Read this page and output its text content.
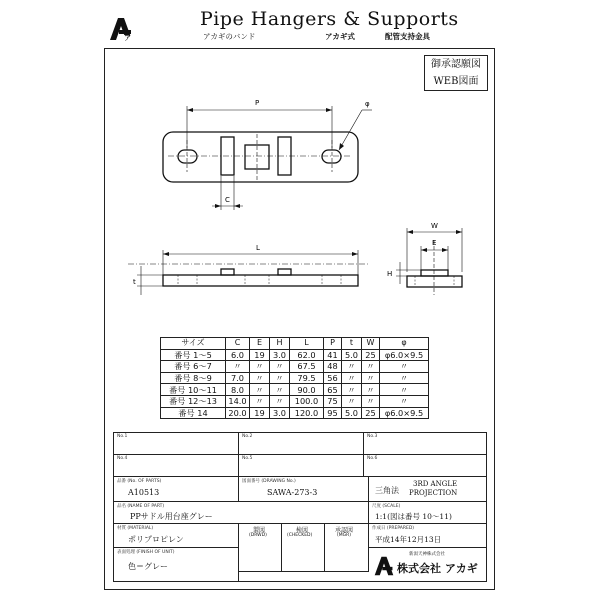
ア
Pipe Hangers & Supports
アカギのバンド	アカギ式	配管支持金具
御承認願図
WEB図面
P	φ
C
L
t
W
E
H
サイズ	C	E	H	L	P	t	W	φ
番号 1〜5	6.0	19	3.0	62.0	41	5.0	25	φ6.0×9.5
番号 6〜7	〃	〃	〃	67.5	48	〃	〃	〃
番号 8〜9	7.0	〃	〃	79.5	56	〃	〃	〃
番号 10〜11	8.0	〃	〃	90.0	65	〃	〃	〃
番号 12〜13	14.0	〃	〃	100.0	75	〃	〃	〃
番号 14	20.0	19	3.0	120.0	95	5.0	25	φ6.0×9.5
No.1	No.2	No.3
No.4	No.5	No.6
品番 (No. OF PARTS)
A10513
図面番号 (DRAWING No.)
SAWA-273-3	三角法
3RD ANGLE
PROJECTION
品名 (NAME OF PART)
PPサドル用台座グレー
尺度 (SCALE)
1:1(図は番号 10〜11)
材質 (MATERIAL)
ポリプロピレン
製図
(DRWD)
検図
(CHECKED)
承認図
(MGR)
作成日 (PREPARED)
平成14年12月13日
表面処理 (FINISH OF UNIT)
色＝グレー
新潟天神株式会社
株式会社 アカギ
